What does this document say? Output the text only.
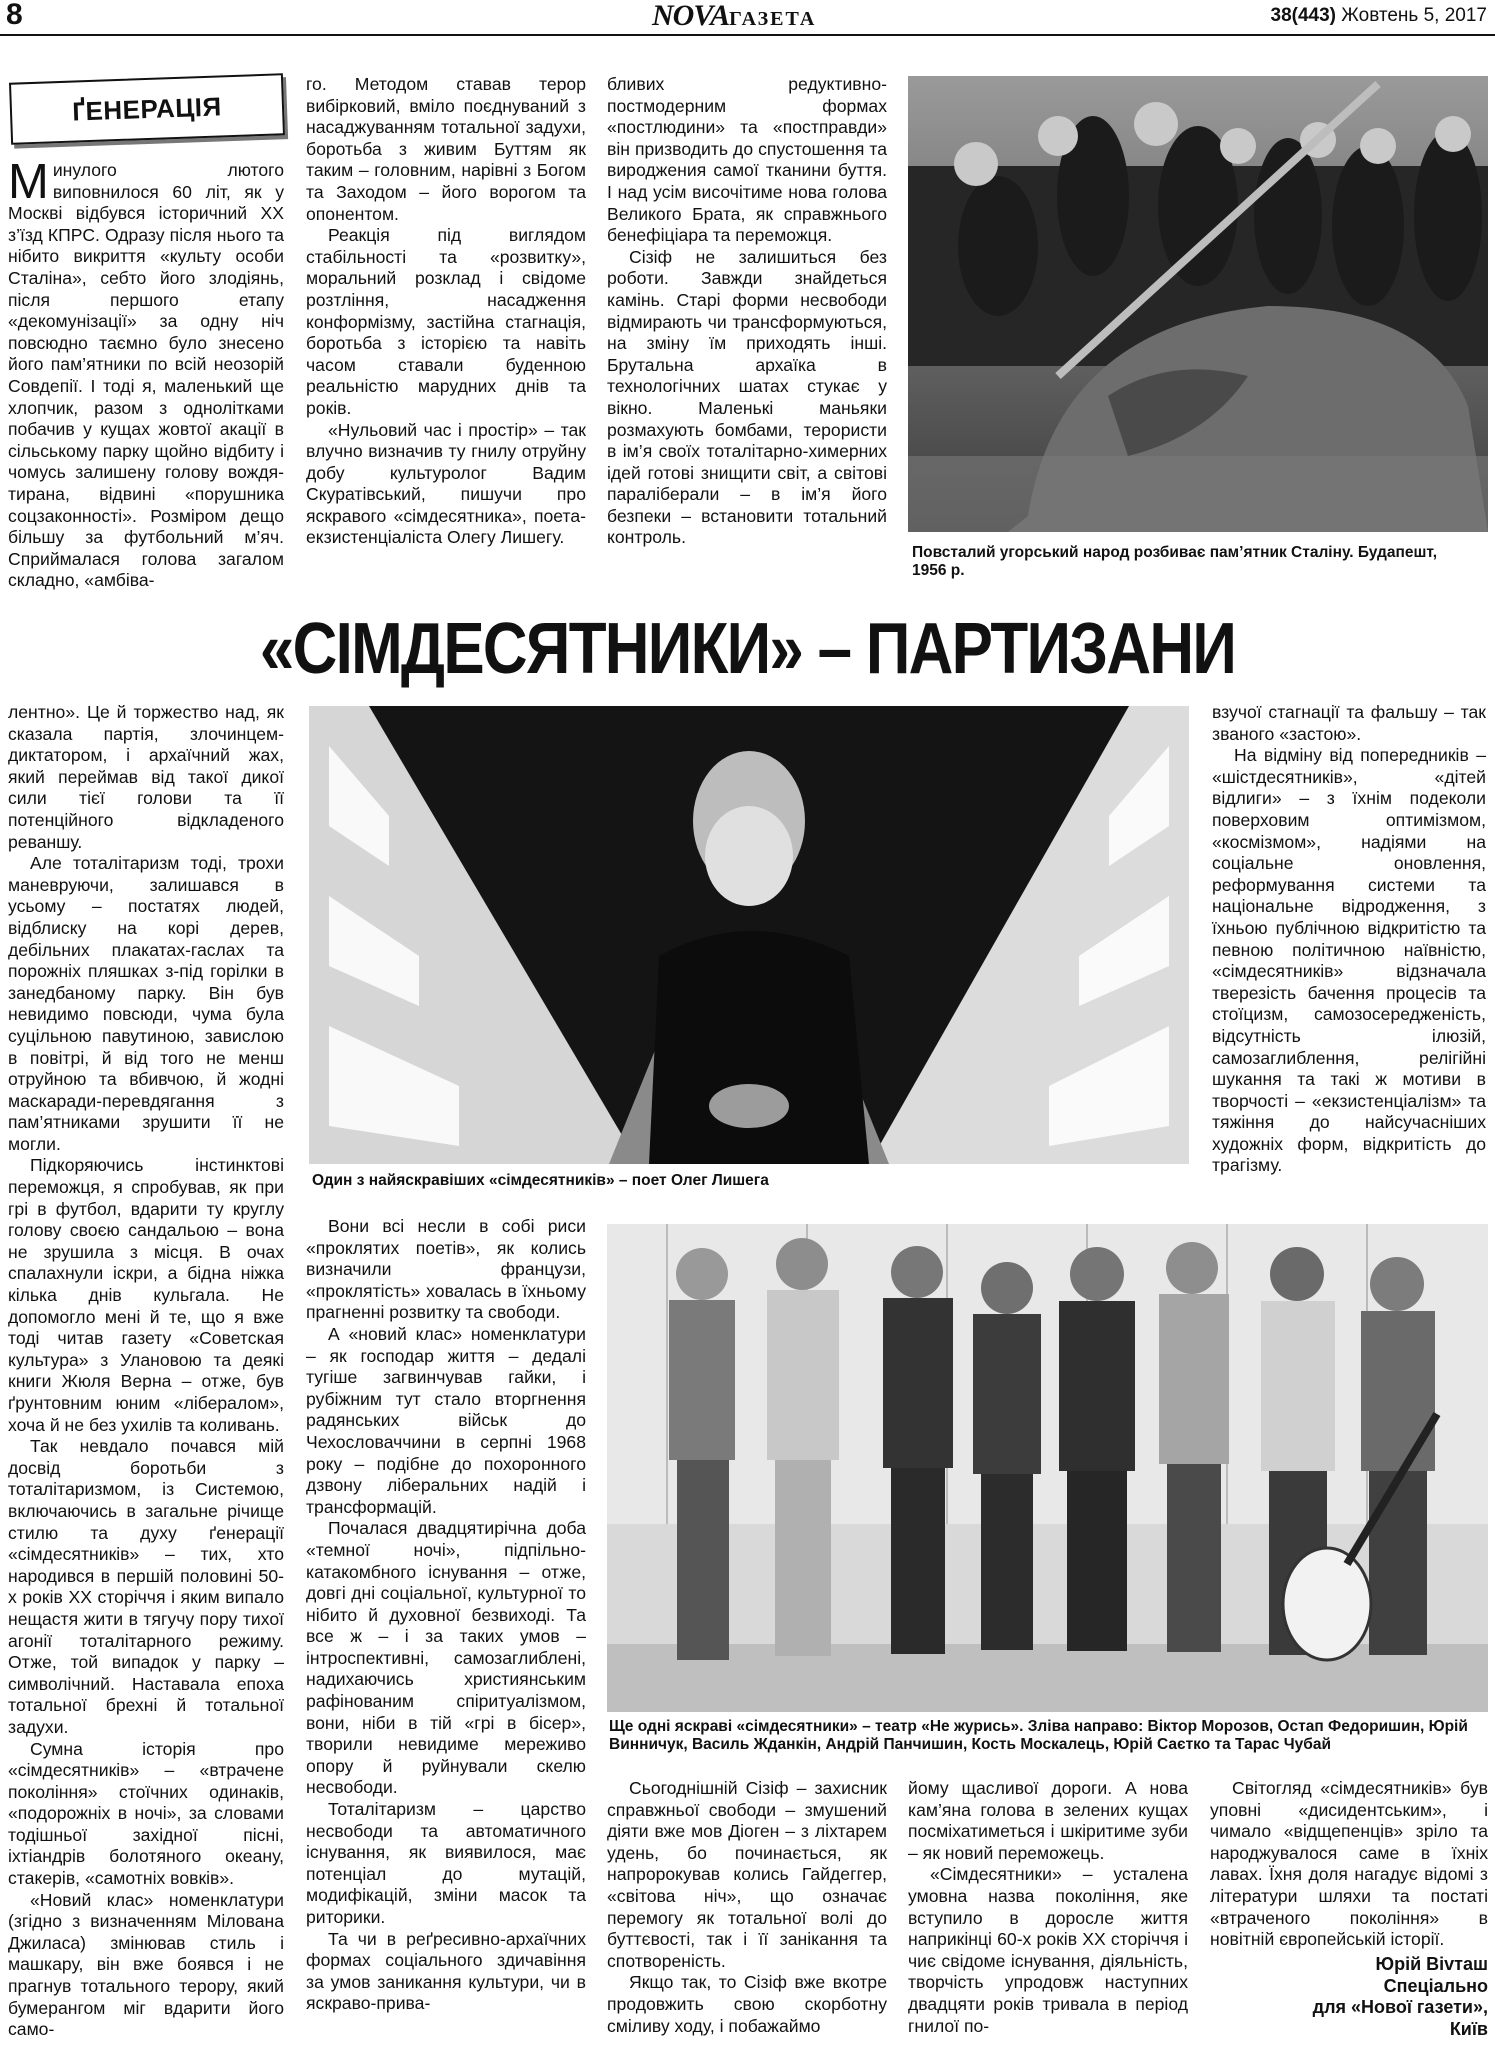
8	NOVAГАЗЕТА	38(443) Жовтень 5, 2017
ҐЕНЕРАЦІЯ

Минулого лютого виповнилося 60 літ, як у Москві відбувся історичний ХХ з’їзд КПРС. Одразу після нього та нібито викриття «культу особи Сталіна», себто його злодіянь, після першого етапу «декомунізації» за одну ніч повсюдно таємно було знесено його пам’ятники по всій неозорій Совдепії. І тоді я, маленький ще хлопчик, разом з однолітками побачив у кущах жовтої акації в сільському парку щойно відбиту і чомусь залишену голову вождя-тирана, відвині «порушника соцзаконності». Розміром дещо більшу за футбольний м’яч. Сприймалася голова загалом складно, «амбіва-

го. Методом ставав терор вибірковий, вміло поєднуваний з насаджуванням тотальної задухи, боротьба з живим Буттям як таким – головним, нарівні з Богом та Заходом – його ворогом та опонентом.

Реакція під виглядом стабільності та «розвитку», моральний розклад і свідоме розтління, насадження конформізму, застійна стагнація, боротьба з історією та навіть часом ставали буденною реальністю марудних днів та років.

«Нульовий час і простір» – так влучно визначив ту гнилу отруйну добу культуролог Вадим Скуратівський, пишучи про яскравого «сімдесятника», поета-екзистенціаліста Олегу Лишегу.

бливих редуктивно-постмодерним формах «постлюдини» та «постправди» він призводить до спустошення та вироджения самої тканини буття. І над усім височітиме нова голова Великого Брата, як справжнього бенефіціара та переможця.

Сізіф не залишиться без роботи. Завжди знайдеться камінь. Старі форми несвободи відмирають чи трансформуються, на зміну їм приходять інші. Брутальна архаїка в технологічних шатах стукає у вікно. Маленькі маньяки розмахують бомбами, терористи в ім’я своїх тоталітарно-химерних ідей готові знищити світ, а світові паралiберали – в ім’я його безпеки – встановити тотальний контроль.

Повсталий угорський народ розбиває пам’ятник Сталіну. Будапешт, 1956 р.
«СІМДЕСЯТНИКИ» – ПАРТИЗАНИ

лентно». Це й торжество над, як сказала партія, злочинцем-диктатором, і архаїчний жах, який переймав від такої дикої сили тієї голови та її потенційного відкладеного реваншу.

Але тоталітаризм тоді, трохи маневруючи, залишався в усьому – постатях людей, відблиску на корі дерев, дебільних плакатах-гаслах та порожніх пляшках з-під горілки в занедбаному парку. Він був невидимо повсюди, чума була суцільною павутиною, завислою в повітрі, й від того не менш отруйною та вбивчою, й жодні маскаради-перевдягання з пам’ятниками зрушити її не могли.

Підкоряючись інстинктові переможця, я спробував, як при грі в футбол, вдарити ту круглу голову своєю сандальою – вона не зрушила з місця. В очах спалахнули іскри, а бідна ніжка кілька днів кульгала. Не допомогло мені й те, що я вже тоді читав газету «Советская культура» з Улановою та деякі книги Жюля Верна – отже, був ґрунтовним юним «лібералом», хоча й не без ухилів та коливань.

Так невдало почався мій досвід боротьби з тоталітаризмом, із Системою, включаючись в загальне річище стилю та духу ґенерації «сімдесятників» – тих, хто народився в першій половині 50-х років ХХ сторіччя і яким випало нещастя жити в тягучу пору тихої агонії тоталітарного режиму. Отже, той випадок у парку – символічний. Наставала епоха тотальної брехні й тотальної задухи.

Сумна історія про «сімдесятників» – «втрачене покоління» стоїчних одинаків, «подорожніх в ночі», за словами тодішньої західної пісні, іхтіандрів болотяного океану, стакерів, «самотніх вовків».

«Новий клас» номенклатури (згідно з визначенням Мілована Джиласа) змінював стиль і машкару, він вже боявся і не прагнув тотального терору, який бумерангом міг вдарити його само-

Один з найяскравіших «сімдесятників» – поет Олег Лишега

взучої стагнації та фальшу – так званого «застою».

На відміну від попередників – «шістдесятників», «дітей відлиги» – з їхнім подеколи поверховим оптимізмом, «космізмом», надіями на соціальне оновлення, реформування системи та національне відродження, з їхньою публічною відкритістю та певною політичною наївністю, «сімдесятників» відзначала тверезість бачення процесів та стоїцизм, самозосередженість, відсутність ілюзій, самозаглиблення, релігійні шукання та такі ж мотиви в творчості – «екзистенціалізм» та тяжіння до найсучасніших художніх форм, відкритість до трагізму.

Вони всі несли в собі риси «проклятих поетів», як колись визначили французи, «проклятість» ховалась в їхньому прагненні розвитку та свободи.

А «новий клас» номенклатури – як господар життя – дедалі тугіше загвинчував гайки, і рубіжним тут стало вторгнення радянських військ до Чехословаччини в серпні 1968 року – подібне до похоронного дзвону ліберальних надій і трансформацій.

Почалася двадцятирічна доба «темної ночі», підпільно-катакомбного існування – отже, довгі дні соціальної, культурної то нібито й духовної безвиході. Та все ж – і за таких умов – інтроспективні, самозаглиблені, надихаючись християнським рафінованим спіритуалізмом, вони, ніби в тій «грі в бісер», творили невидиме мереживо опору й руйнували скелю несвободи.

Тоталітаризм – царство несвободи та автоматичного існування, як виявилося, має потенціал до мутацій, модифікацій, зміни масок та риторики.

Та чи в реґресивно-архаїчних формах соціального здичавіння за умов заникання культури, чи в яскраво-прива-

Ще одні яскраві «сімдесятники» – театр «Не журись». Зліва направо: Віктор Морозов, Остап Федоришин, Юрій Винничук, Василь Жданкін, Андрій Панчишин, Кость Москалець, Юрій Саєтко та Тарас Чубай

Сьогоднішній Сізіф – захисник справжньої свободи – змушений діяти вже мов Діоген – з ліхтарем удень, бо починається, як напророкував колись Гайдеггер, «світова ніч», що означає перемогу як тотальної волі до буттєвості, так і її занікання та спотвореність.

Якщо так, то Сізіф вже вкотре продовжить свою скорботну сміливу ходу, і побажаймо

йому щасливої дороги. А нова кам’яна голова в зелених кущах посміхатиметься і шкіритиме зуби – як новий переможець.

«Сімдесятники» – усталена умовна назва покоління, яке вступило в доросле життя наприкінці 60-х років ХХ сторіччя і чиє свідоме існування, діяльність, творчість упродовж наступних двадцяти років тривала в період гнилої по-

Світогляд «сімдесятників» був уповні «дисидентським», і чимало «відщепенців» зріло та народжувалося саме в їхніх лавах. Їхня доля нагадує відомі з літератури шляхи та постаті «втраченого покоління» в новітній європейській історії.

Юрій Віvташ
Спеціально
для «Нової газети»,
Київ
